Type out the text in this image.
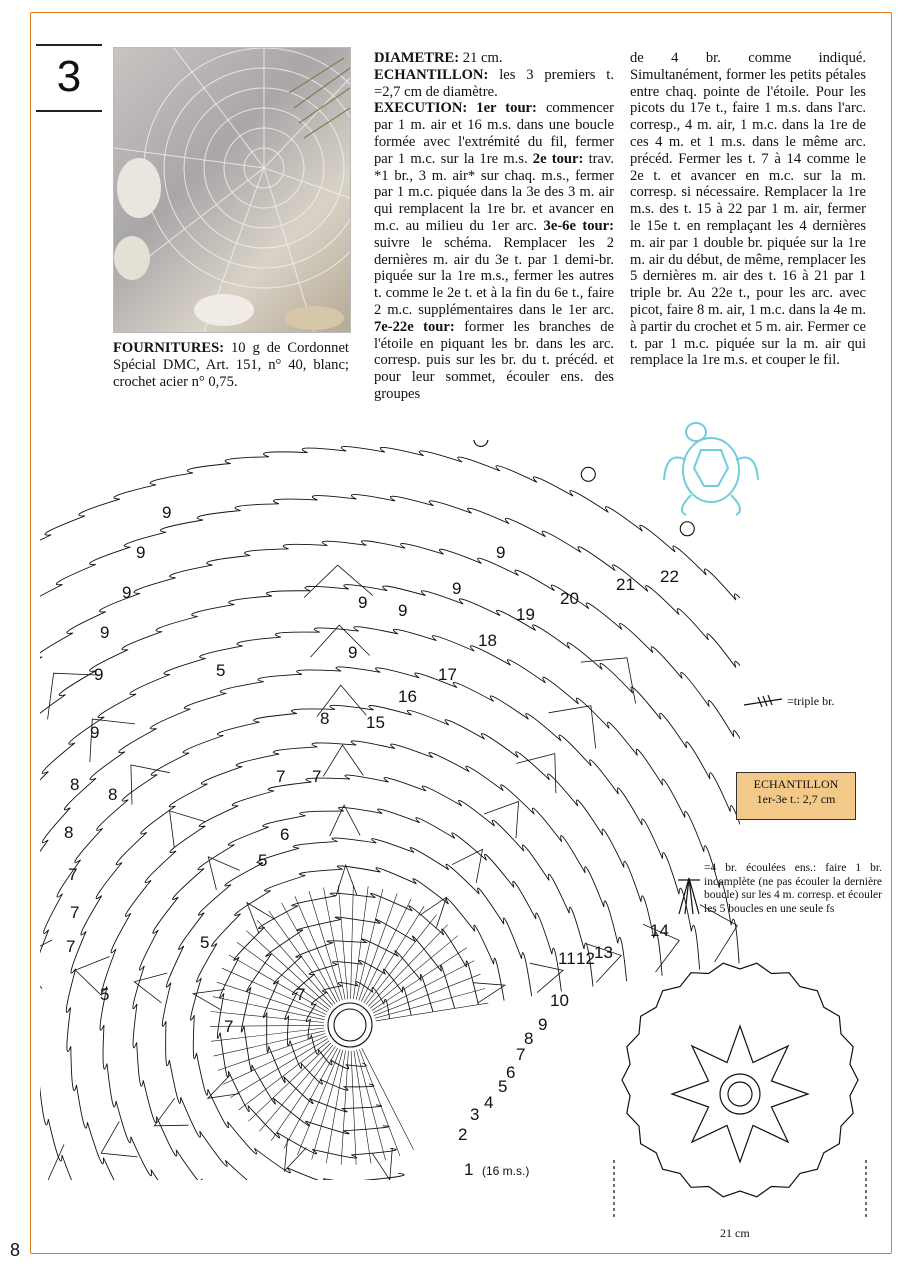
3

FOURNITURES: 10 g de Cordonnet Spécial DMC, Art. 151, n° 40, blanc; crochet acier n° 0,75.

DIAMETRE: 21 cm.

ECHANTILLON: les 3 premiers t. =2,7 cm de diamètre.

EXECUTION: 1er tour: commencer par 1 m. air et 16 m.s. dans une boucle formée avec l'extrémité du fil, fermer par 1 m.c. sur la 1re m.s. 2e tour: trav. *1 br., 3 m. air* sur chaq. m.s., fermer par 1 m.c. piquée dans la 3e des 3 m. air qui remplacent la 1re br. et avancer en m.c. au milieu du 1er arc. 3e-6e tour: suivre le schéma. Remplacer les 2 dernières m. air du 3e t. par 1 demi-br. piquée sur la 1re m.s., fermer les autres t. comme le 2e t. et à la fin du 6e t., faire 2 m.c. supplémentaires dans le 1er arc. 7e-22e tour: former les branches de l'étoile en piquant les br. dans les arc. corresp. puis sur les br. du t. précéd. et pour leur sommet, écouler ens. des groupes

de 4 br. comme indiqué. Simultanément, former les petits pétales entre chaq. pointe de l'étoile. Pour les picots du 17e t., faire 1 m.s. dans l'arc. corresp., 4 m. air, 1 m.c. dans la 1re de ces 4 m. et 1 m.s. dans le même arc. précéd. Fermer les t. 7 à 14 comme le 2e t. et avancer en m.c. sur la m. corresp. si nécessaire. Remplacer la 1re m.s. des t. 15 à 22 par 1 m. air, fermer le 15e t. en remplaçant les 4 dernières m. air par 1 double br. piquée sur la 1re m. air du début, de même, remplacer les 5 dernières m. air des t. 16 à 21 par 1 triple br. Au 22e t., pour les arc. avec picot, faire 8 m. air, 1 m.c. dans la 4e m. à partir du crochet et 5 m. air. Fermer ce t. par 1 m.c. piquée sur la m. air qui remplace la 1re m.s. et couper le fil.

1
2
3
4
5
6
7
8
9
10
11 12 13
14
15
16
17
18
19
20
21 22
(16 m.s.)
9
9
9
9
9
9
9
9
9
9
9
8
8
8
8
7
7
7
7 7
7
7
5
5
5
5
6
=triple br.
ECHANTILLON
1er-3e t.: 2,7 cm
=4 br. écoulées ens.: faire 1 br. incomplète (ne pas écouler la dernière boucle) sur les 4 m. corresp. et écouler les 5 boucles en une seule fs
21 cm
8
